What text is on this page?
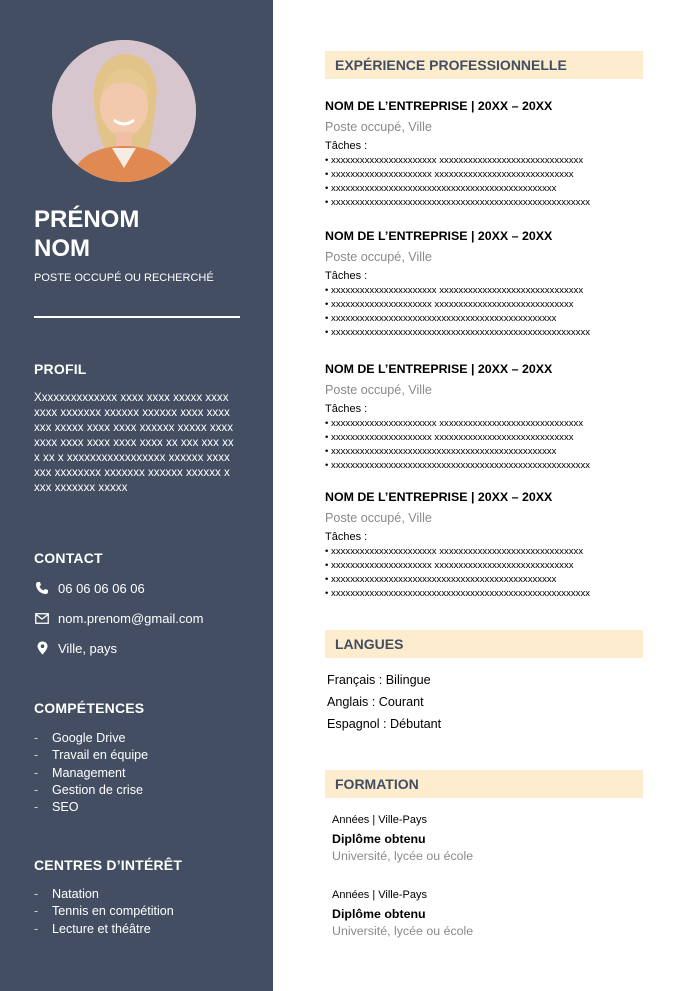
PRÉNOM
NOM
POSTE OCCUPÉ OU RECHERCHÉ
PROFIL
Xxxxxxxxxxxxxx xxxx xxxx xxxxx xxxxxxxx xxxxxxx xxxxxx xxxxxx xxxx xxxxxxx xxxxx xxxx xxxx xxxxxx xxxxx xxxx xxxx xxxx xxxx xxxx xxxx xx xxx xxx xxx xx x xxxxxxxxxxxxxxxxx xxxxxx xxxxxxx xxxxxxxx xxxxxxx xxxxxx xxxxxx xxxx xxxxxxx xxxxx
CONTACT
06 06 06 06 06
nom.prenom@gmail.com
Ville, pays
COMPÉTENCES
-	Google Drive
-	Travail en équipe
-	Management
-	Gestion de crise
-	SEO
CENTRES D’INTÉRÊT
-	Natation
-	Tennis en compétition
-	Lecture et théâtre
EXPÉRIENCE PROFESSIONNELLE
NOM DE L’ENTREPRISE | 20XX – 20XX
Poste occupé, Ville
Tâches :
• xxxxxxxxxxxxxxxxxxxxxx xxxxxxxxxxxxxxxxxxxxxxxxxxxxxx
• xxxxxxxxxxxxxxxxxxxxx xxxxxxxxxxxxxxxxxxxxxxxxxxxxx
• xxxxxxxxxxxxxxxxxxxxxxxxxxxxxxxxxxxxxxxxxxxxxxx
• xxxxxxxxxxxxxxxxxxxxxxxxxxxxxxxxxxxxxxxxxxxxxxxxxxxxxx
NOM DE L’ENTREPRISE | 20XX – 20XX
Poste occupé, Ville
Tâches :
• xxxxxxxxxxxxxxxxxxxxxx xxxxxxxxxxxxxxxxxxxxxxxxxxxxxx
• xxxxxxxxxxxxxxxxxxxxx xxxxxxxxxxxxxxxxxxxxxxxxxxxxx
• xxxxxxxxxxxxxxxxxxxxxxxxxxxxxxxxxxxxxxxxxxxxxxx
• xxxxxxxxxxxxxxxxxxxxxxxxxxxxxxxxxxxxxxxxxxxxxxxxxxxxxx
NOM DE L’ENTREPRISE | 20XX – 20XX
Poste occupé, Ville
Tâches :
• xxxxxxxxxxxxxxxxxxxxxx xxxxxxxxxxxxxxxxxxxxxxxxxxxxxx
• xxxxxxxxxxxxxxxxxxxxx xxxxxxxxxxxxxxxxxxxxxxxxxxxxx
• xxxxxxxxxxxxxxxxxxxxxxxxxxxxxxxxxxxxxxxxxxxxxxx
• xxxxxxxxxxxxxxxxxxxxxxxxxxxxxxxxxxxxxxxxxxxxxxxxxxxxxx
NOM DE L’ENTREPRISE | 20XX – 20XX
Poste occupé, Ville
Tâches :
• xxxxxxxxxxxxxxxxxxxxxx xxxxxxxxxxxxxxxxxxxxxxxxxxxxxx
• xxxxxxxxxxxxxxxxxxxxx xxxxxxxxxxxxxxxxxxxxxxxxxxxxx
• xxxxxxxxxxxxxxxxxxxxxxxxxxxxxxxxxxxxxxxxxxxxxxx
• xxxxxxxxxxxxxxxxxxxxxxxxxxxxxxxxxxxxxxxxxxxxxxxxxxxxxx
LANGUES
Français : Bilingue
Anglais : Courant
Espagnol : Débutant
FORMATION
Années | Ville-Pays
Diplôme obtenu
Université, lycée ou école
Années | Ville-Pays
Diplôme obtenu
Université, lycée ou école
